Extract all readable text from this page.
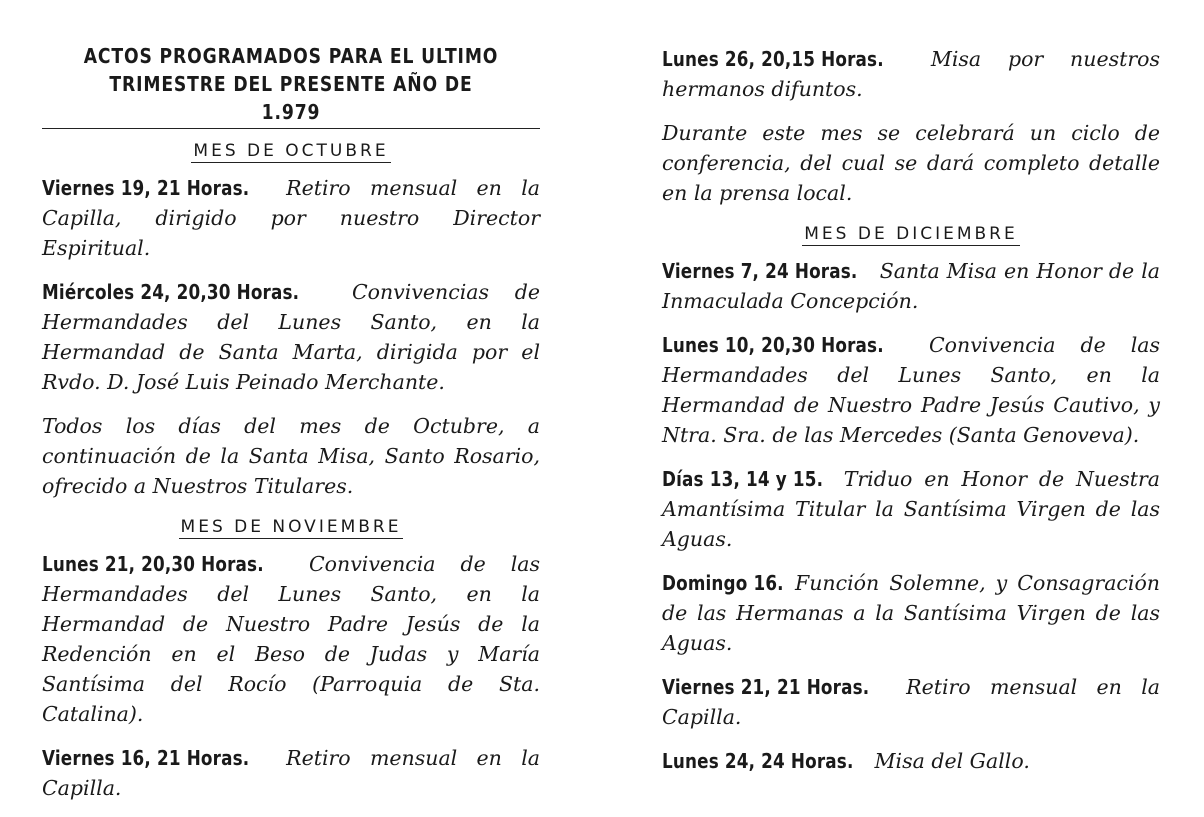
ACTOS PROGRAMADOS PARA EL ULTIMO
TRIMESTRE DEL PRESENTE AÑO DE 1.979
MES DE OCTUBRE

Viernes 19, 21 Horas. Retiro mensual en la Capilla, dirigido por nuestro Director Espiritual.

Miércoles 24, 20,30 Horas.	Convivencias de Hermandades del Lunes Santo, en la Hermandad de Santa Marta, dirigida por el Rvdo. D. José Luis Peinado Merchante.

Todos los días del mes de Octubre, a continuación de la Santa Misa, Santo Rosario, ofrecido a Nuestros Titulares.

MES DE NOVIEMBRE

Lunes 21, 20,30 Horas. Convivencia de las Hermandades del Lunes Santo, en la Hermandad de Nuestro Padre Jesús de la Redención en el Beso de Judas y María Santísima del Rocío (Parroquia de Sta. Catalina).

Viernes 16, 21 Horas. Retiro mensual en la Capilla.

Lunes 26, 20,15 Horas. Misa por nuestros hermanos difuntos.

Durante este mes se celebrará un ciclo de conferencia, del cual se dará completo detalle en la prensa local.

MES DE DICIEMBRE

Viernes 7, 24 Horas. Santa Misa en Honor de la Inmaculada Concepción.

Lunes 10, 20,30 Horas. Convivencia de las Hermandades del Lunes Santo, en la Hermandad de Nuestro Padre Jesús Cautivo, y Ntra. Sra. de las Mercedes (Santa Genoveva).

Días 13, 14 y 15. Triduo en Honor de Nuestra Amantísima Titular la Santísima Virgen de las Aguas.

Domingo 16. Función Solemne, y Consagración de las Hermanas a la Santísima Virgen de las Aguas.

Viernes 21, 21 Horas. Retiro mensual en la Capilla.

Lunes 24, 24 Horas. Misa del Gallo.
